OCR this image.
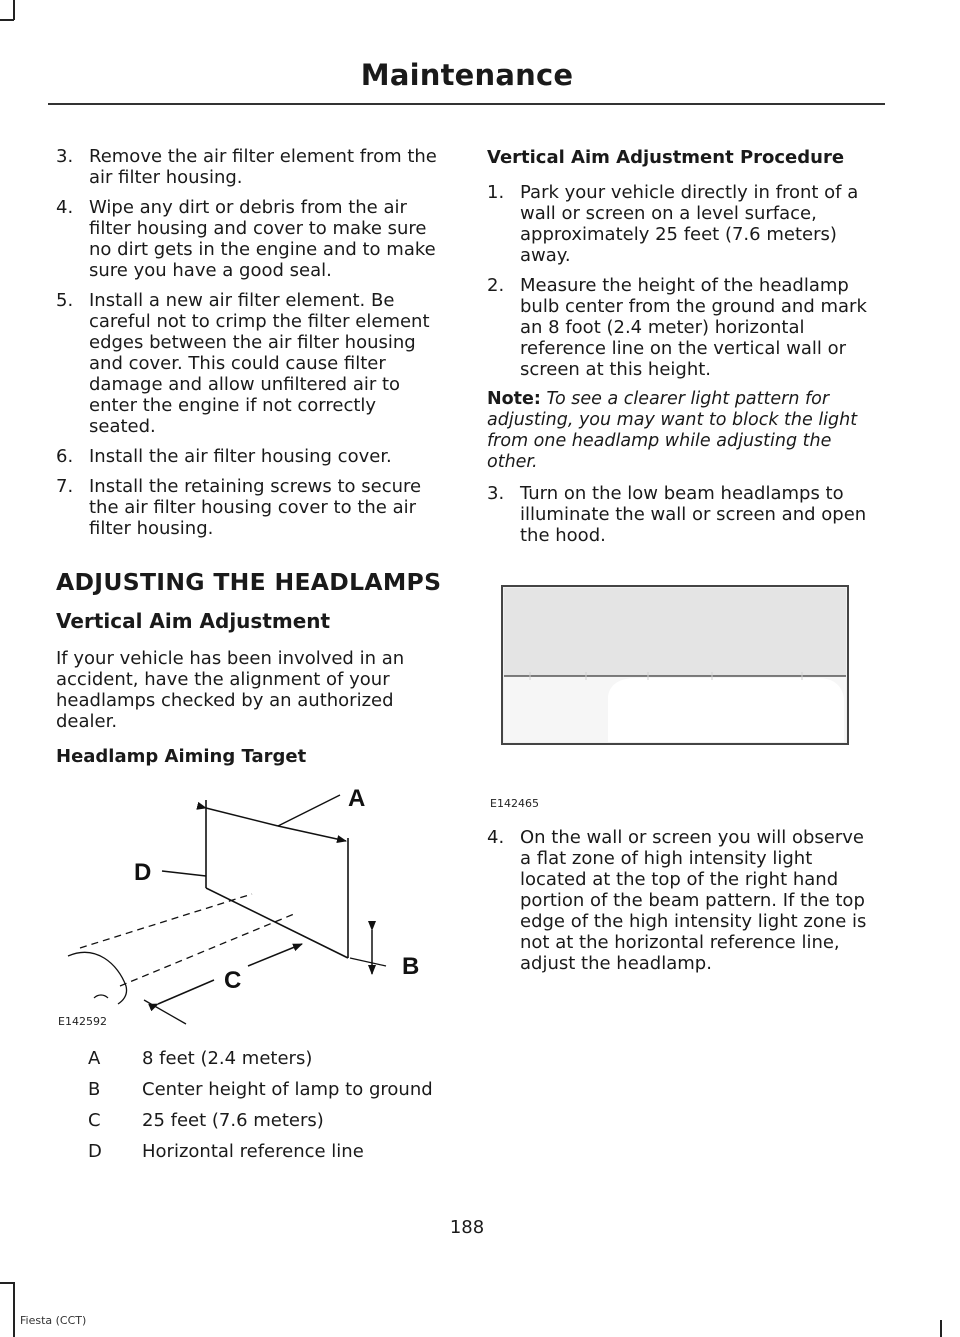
Maintenance
3. Remove the air filter element from the air filter housing.
4. Wipe any dirt or debris from the air filter housing and cover to make sure no dirt gets in the engine and to make sure you have a good seal.
5. Install a new air filter element. Be careful not to crimp the filter element edges between the air filter housing and cover. This could cause filter damage and allow unfiltered air to enter the engine if not correctly seated.
6. Install the air filter housing cover.
7. Install the retaining screws to secure the air filter housing cover to the air filter housing.
ADJUSTING THE HEADLAMPS
Vertical Aim Adjustment
If your vehicle has been involved in an accident, have the alignment of your headlamps checked by an authorized dealer.
Headlamp Aiming Target
A
B
C
D
E142592
A 8 feet (2.4 meters)
B Center height of lamp to ground
C 25 feet (7.6 meters)
D Horizontal reference line
Vertical Aim Adjustment Procedure
1. Park your vehicle directly in front of a wall or screen on a level surface, approximately 25 feet (7.6 meters) away.
2. Measure the height of the headlamp bulb center from the ground and mark an 8 foot (2.4 meter) horizontal reference line on the vertical wall or screen at this height.
Note: To see a clearer light pattern for adjusting, you may want to block the light from one headlamp while adjusting the other.
3. Turn on the low beam headlamps to illuminate the wall or screen and open the hood.
E142465
4. On the wall or screen you will observe a flat zone of high intensity light located at the top of the right hand portion of the beam pattern. If the top edge of the high intensity light zone is not at the horizontal reference line, adjust the headlamp.
188
Fiesta (CCT)
